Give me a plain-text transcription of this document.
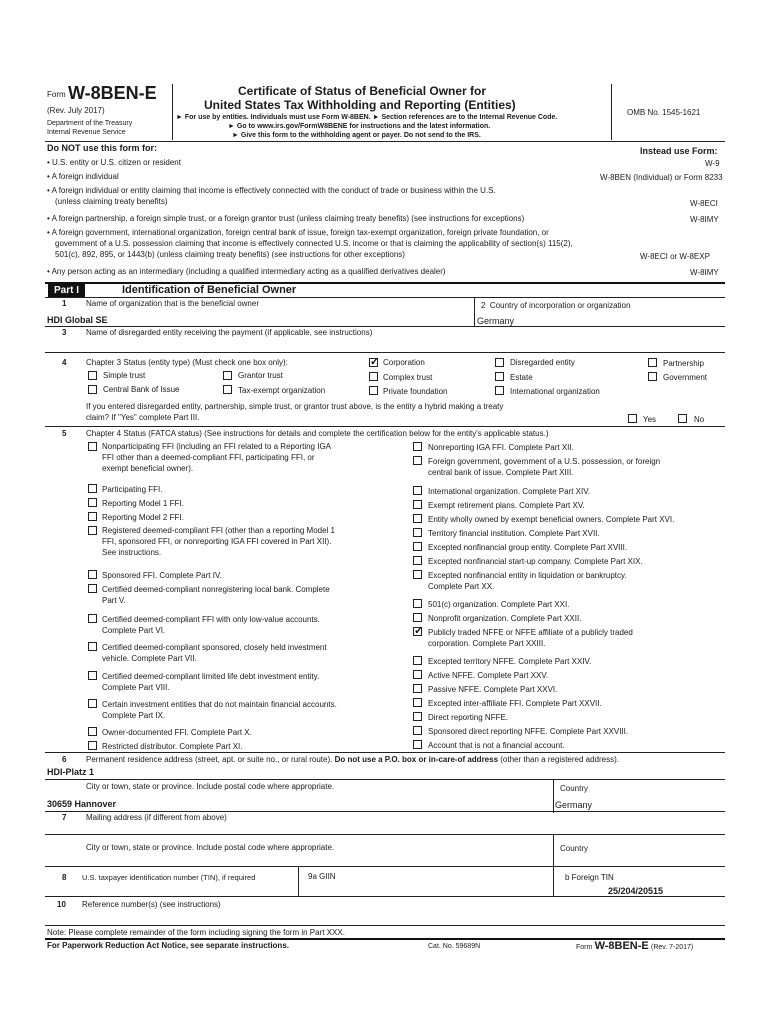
Form W-8BEN-E
(Rev. July 2017)
Department of the Treasury
Internal Revenue Service
Certificate of Status of Beneficial Owner for
United States Tax Withholding and Reporting (Entities)
► For use by entities. Individuals must use Form W-8BEN. ► Section references are to the Internal Revenue Code.
► Go to www.irs.gov/FormW8BENE for instructions and the latest information.
► Give this form to the withholding agent or payer. Do not send to the IRS.
OMB No. 1545-1621
Do NOT use this form for:	Instead use Form:
• U.S. entity or U.S. citizen or resident	W-9
• A foreign individual	W-8BEN (Individual) or Form 8233
• A foreign individual or entity claiming that income is effectively connected with the conduct of trade or business within the U.S.
(unless claiming treaty benefits)	W-8ECI
• A foreign partnership, a foreign simple trust, or a foreign grantor trust (unless claiming treaty benefits) (see instructions for exceptions)	W-8IMY
• A foreign government, international organization, foreign central bank of issue, foreign tax-exempt organization, foreign private foundation, or
government of a U.S. possession claiming that income is effectively connected U.S. income or that is claiming the applicability of section(s) 115(2),
501(c), 892, 895, or 1443(b) (unless claiming treaty benefits) (see instructions for other exceptions)	W-8ECI or W-8EXP
• Any person acting as an intermediary (including a qualified intermediary acting as a qualified derivatives dealer)	W-8IMY
Part I	Identification of Beneficial Owner
1 Name of organization that is the beneficial owner
HDI Global SE
2 Country of incorporation or organization
Germany
3 Name of disregarded entity receiving the payment (if applicable, see instructions)
4 Chapter 3 Status (entity type) (Must check one box only):
✓	Corporation	Disregarded entity	Partnership
Simple trust	Grantor trust	Complex trust	Estate	Government
Central Bank of Issue	Tax-exempt organization	Private foundation	International organization
If you entered disregarded entity, partnership, simple trust, or grantor trust above, is the entity a hybrid making a treaty
claim? If "Yes" complete Part III.	Yes	No
5 Chapter 4 Status (FATCA status) (See instructions for details and complete the certification below for the entity's applicable status.)
Nonparticipating FFI (including an FFI related to a Reporting IGA
FFI other than a deemed-compliant FFI, participating FFI, or
exempt beneficial owner).
Participating FFI.
Reporting Model 1 FFI.
Reporting Model 2 FFI.
Registered deemed-compliant FFI (other than a reporting Model 1
FFI, sponsored FFI, or nonreporting IGA FFI covered in Part XII).
See instructions.
Sponsored FFI. Complete Part IV.
Certified deemed-compliant nonregistering local bank. Complete
Part V.
Certified deemed-compliant FFI with only low-value accounts.
Complete Part VI.
Certified deemed-compliant sponsored, closely held investment
vehicle. Complete Part VII.
Certified deemed-compliant limited life debt investment entity.
Complete Part VIII.
Certain investment entities that do not maintain financial accounts.
Complete Part IX.
Owner-documented FFI. Complete Part X.
Restricted distributor. Complete Part XI.
Nonreporting IGA FFI. Complete Part XII.
Foreign government, government of a U.S. possession, or foreign
central bank of issue. Complete Part XIII.
International organization. Complete Part XIV.
Exempt retirement plans. Complete Part XV.
Entity wholly owned by exempt beneficial owners. Complete Part XVI.
Territory financial institution. Complete Part XVII.
Excepted nonfinancial group entity. Complete Part XVIII.
Excepted nonfinancial start-up company. Complete Part XIX.
Excepted nonfinancial entity in liquidation or bankruptcy.
Complete Part XX.
501(c) organization. Complete Part XXI.
Nonprofit organization. Complete Part XXII.
✓
Publicly traded NFFE or NFFE affiliate of a publicly traded
corporation. Complete Part XXIII.
Excepted territory NFFE. Complete Part XXIV.
Active NFFE. Complete Part XXV.
Passive NFFE. Complete Part XXVI.
Excepted inter-affiliate FFI. Complete Part XXVII.
Direct reporting NFFE.
Sponsored direct reporting NFFE. Complete Part XXVIII.
Account that is not a financial account.
6 Permanent residence address (street, apt. or suite no., or rural route). Do not use a P.O. box or in-care-of address (other than a registered address).
HDI-Platz 1
City or town, state or province. Include postal code where appropriate.	Country
30659 Hannover	Germany
7 Mailing address (if different from above)
City or town, state or province. Include postal code where appropriate.	Country
8 U.S. taxpayer identification number (TIN), if required	9a GIIN	b Foreign TIN
25/204/20515
10 Reference number(s) (see instructions)
Note: Please complete remainder of the form including signing the form in Part XXX.
For Paperwork Reduction Act Notice, see separate instructions.	Cat. No. 59689N	Form W-8BEN-E (Rev. 7-2017)
